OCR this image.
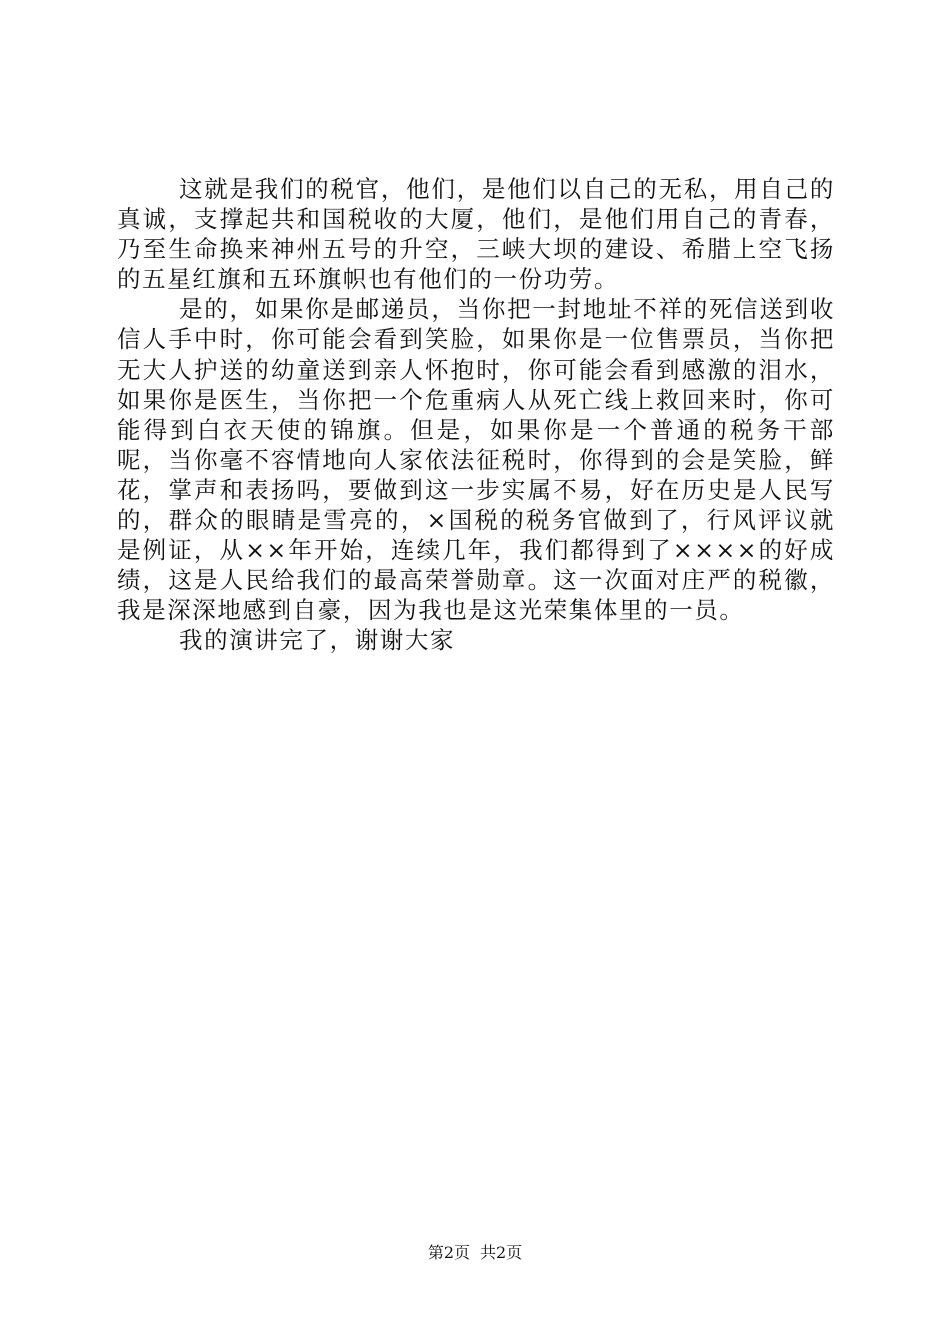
这就是我们的税官，他们，是他们以自己的无私，用自己的真诚，支撑起共和国税收的大厦，他们，是他们用自己的青春，乃至生命换来神州五号的升空，三峡大坝的建设、希腊上空飞扬的五星红旗和五环旗帜也有他们的一份功劳。

是的，如果你是邮递员，当你把一封地址不祥的死信送到收信人手中时，你可能会看到笑脸，如果你是一位售票员，当你把无大人护送的幼童送到亲人怀抱时，你可能会看到感激的泪水，如果你是医生，当你把一个危重病人从死亡线上救回来时，你可能得到白衣天使的锦旗。但是，如果你是一个普通的税务干部呢，当你毫不容情地向人家依法征税时，你得到的会是笑脸，鲜花，掌声和表扬吗，要做到这一步实属不易，好在历史是人民写的，群众的眼睛是雪亮的，×国税的税务官做到了，行风评议就是例证，从××年开始，连续几年，我们都得到了××××的好成绩，这是人民给我们的最高荣誉勋章。这一次面对庄严的税徽，我是深深地感到自豪，因为我也是这光荣集体里的一员。

我的演讲完了，谢谢大家

第2页 共2页
